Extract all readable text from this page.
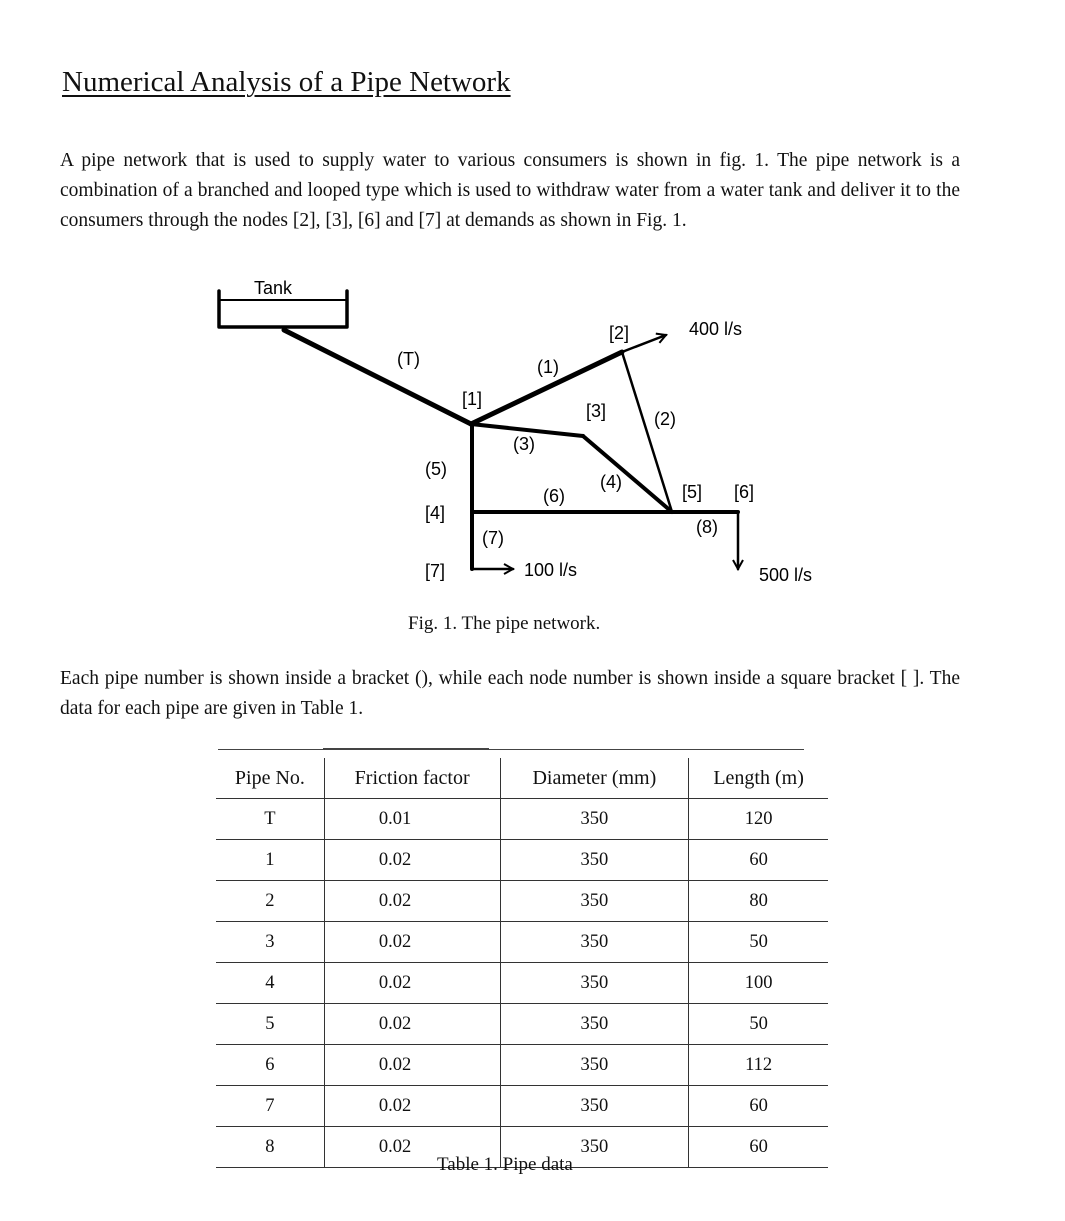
Numerical Analysis of a Pipe Network

A pipe network that is used to supply water to various consumers is shown in fig. 1. The pipe network is a combination of a branched and looped type which is used to withdraw water from a water tank and deliver it to the consumers through the nodes [2], [3], [6] and [7] at demands as shown in Fig. 1.

Tank
(T)	(1)
(2)
(3)
(4)
(5)
(6)
(7)
(8)
[1]
[2]
[3]
[4]
[5] [6]
[7]
400 l/s
500 l/s
100 l/s
Fig. 1. The pipe network.

Each pipe number is shown inside a bracket (), while each node number is shown inside a square bracket [ ]. The data for each pipe are given in Table 1.

Pipe No.	Friction factor	Diameter (mm)	Length (m)
T	0.01	350	120
1	0.02	350	60
2	0.02	350	80
3	0.02	350	50
4	0.02	350	100
5	0.02	350	50
6	0.02	350	112
7	0.02	350	60
8	0.02	350	60
Table 1. Pipe data
